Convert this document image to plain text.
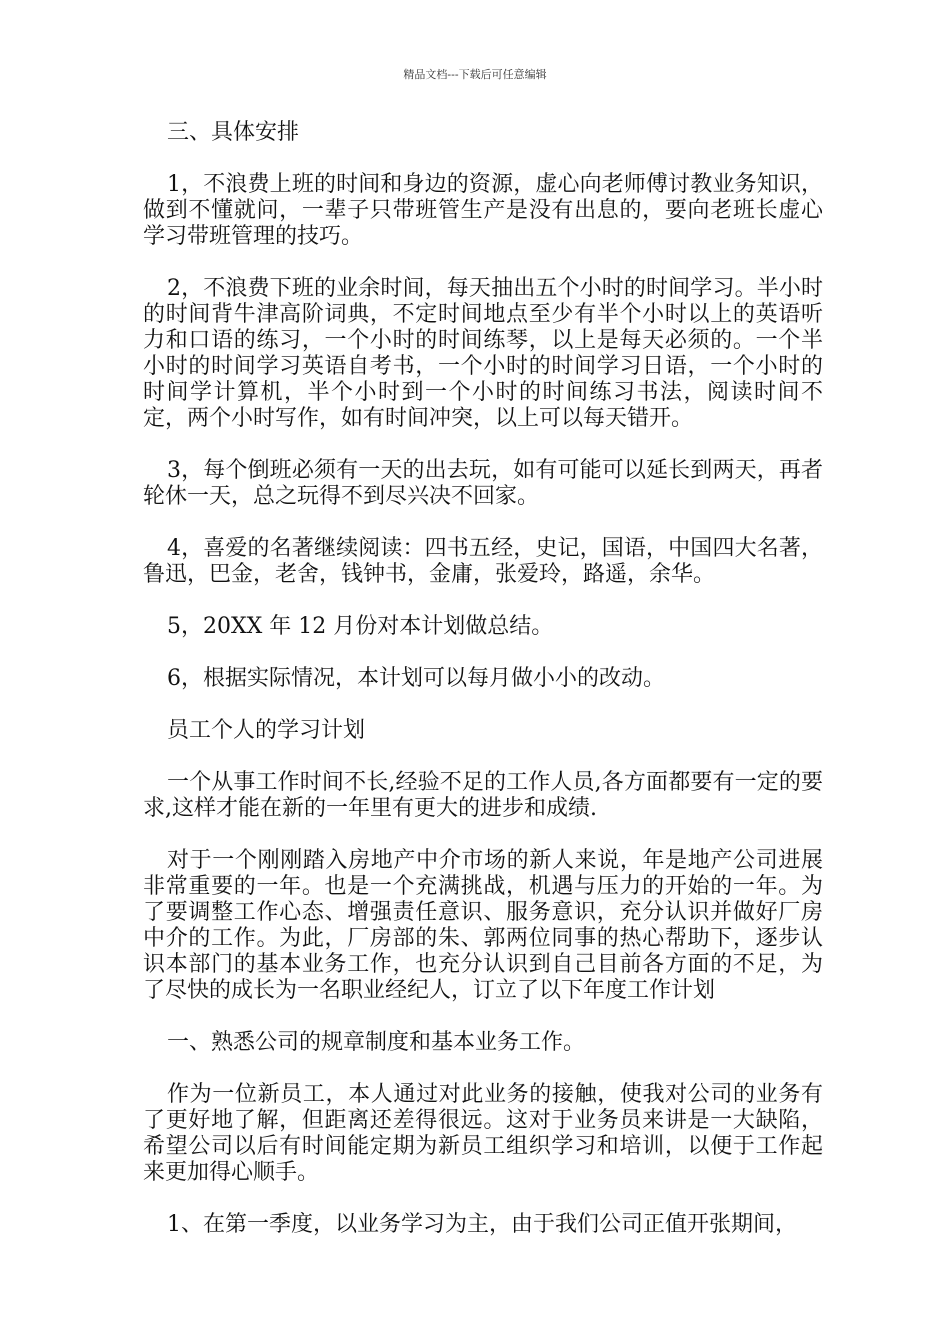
精品文档---下载后可任意编辑

三、具体安排

1，不浪费上班的时间和身边的资源，虚心向老师傅讨教业务知识，做到不懂就问，一辈子只带班管生产是没有出息的，要向老班长虚心学习带班管理的技巧。

2，不浪费下班的业余时间，每天抽出五个小时的时间学习。半小时的时间背牛津高阶词典，不定时间地点至少有半个小时以上的英语听力和口语的练习，一个小时的时间练琴，以上是每天必须的。一个半小时的时间学习英语自考书，一个小时的时间学习日语，一个小时的时间学计算机，半个小时到一个小时的时间练习书法，阅读时间不定，两个小时写作，如有时间冲突，以上可以每天错开。

3，每个倒班必须有一天的出去玩，如有可能可以延长到两天，再者轮休一天，总之玩得不到尽兴决不回家。

4，喜爱的名著继续阅读：四书五经，史记，国语，中国四大名著，鲁迅，巴金，老舍，钱钟书，金庸，张爱玲，路遥，余华。

5，20XX 年 12 月份对本计划做总结。

6，根据实际情况，本计划可以每月做小小的改动。

员工个人的学习计划

一个从事工作时间不长,经验不足的工作人员,各方面都要有一定的要求,这样才能在新的一年里有更大的进步和成绩.

对于一个刚刚踏入房地产中介市场的新人来说，年是地产公司进展非常重要的一年。也是一个充满挑战，机遇与压力的开始的一年。为了要调整工作心态、增强责任意识、服务意识，充分认识并做好厂房中介的工作。为此，厂房部的朱、郭两位同事的热心帮助下，逐步认识本部门的基本业务工作，也充分认识到自己目前各方面的不足，为了尽快的成长为一名职业经纪人，订立了以下年度工作计划

一、熟悉公司的规章制度和基本业务工作。

作为一位新员工，本人通过对此业务的接触，使我对公司的业务有了更好地了解，但距离还差得很远。这对于业务员来讲是一大缺陷，希望公司以后有时间能定期为新员工组织学习和培训，以便于工作起来更加得心顺手。

1、在第一季度，以业务学习为主，由于我们公司正值开张期间，
